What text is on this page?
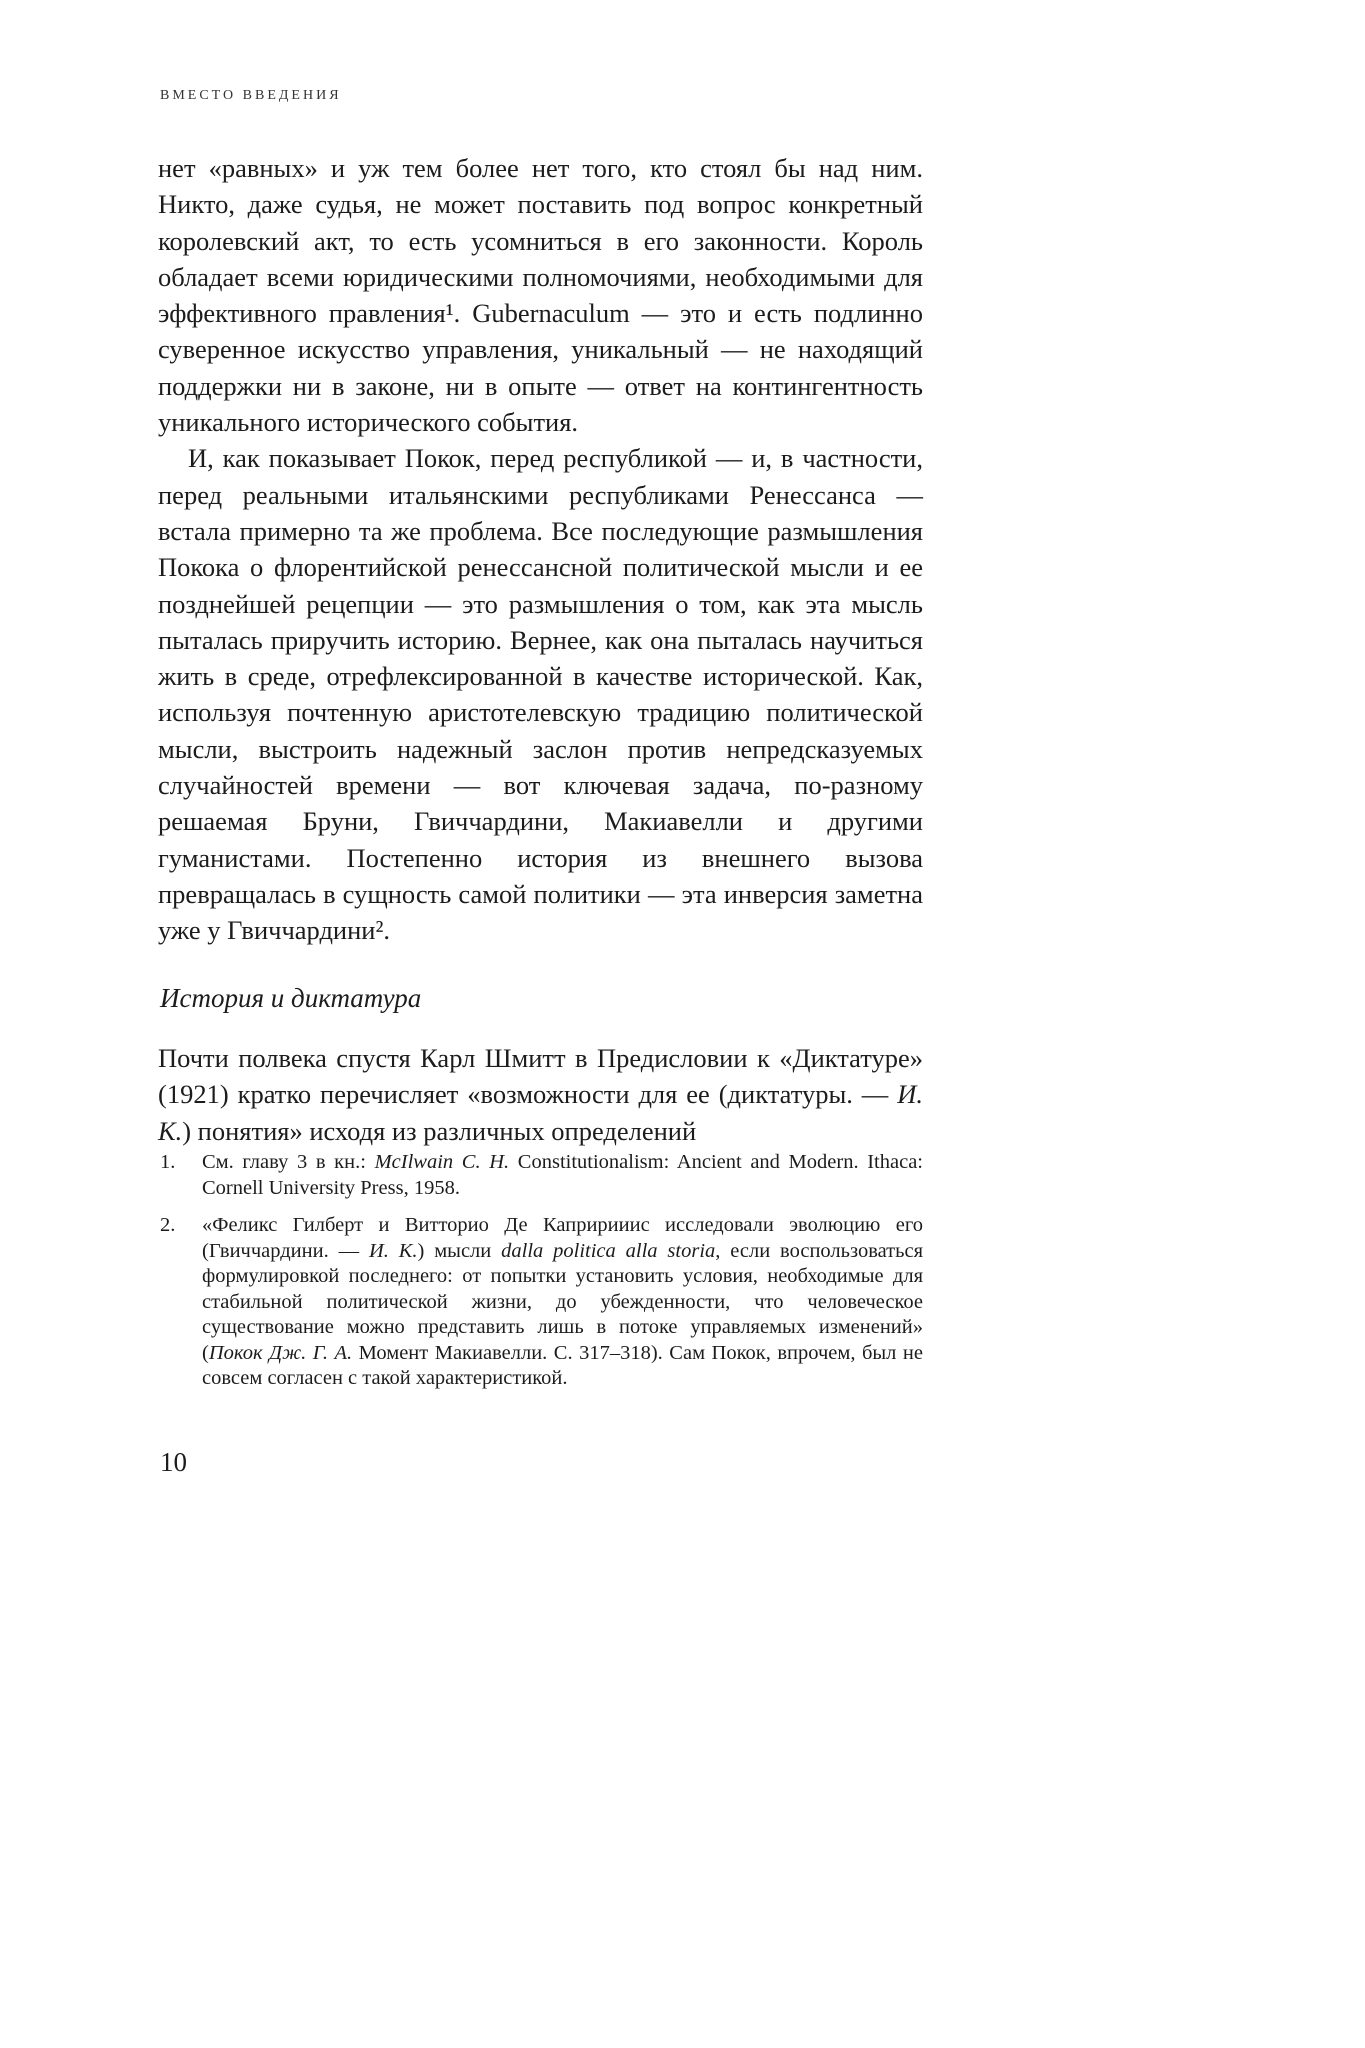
ВМЕСТО ВВЕДЕНИЯ

нет «равных» и уж тем более нет того, кто стоял бы над ним. Никто, даже судья, не может поставить под вопрос конкретный королевский акт, то есть усомниться в его законности. Король обладает всеми юридическими полномочиями, необходимыми для эффективного правления¹. Gubernaculum — это и есть подлинно суверенное искусство управления, уникальный — не находящий поддержки ни в законе, ни в опыте — ответ на контингентность уникального исторического события.

И, как показывает Покок, перед республикой — и, в частности, перед реальными итальянскими республиками Ренессанса — встала примерно та же проблема. Все последующие размышления Покока о флорентийской ренессансной политической мысли и ее позднейшей рецепции — это размышления о том, как эта мысль пыталась приручить историю. Вернее, как она пыталась научиться жить в среде, отрефлексированной в качестве исторической. Как, используя почтенную аристотелевскую традицию политической мысли, выстроить надежный заслон против непредсказуемых случайностей времени — вот ключевая задача, по-разному решаемая Бруни, Гвиччардини, Макиавелли и другими гуманистами. Постепенно история из внешнего вызова превращалась в сущность самой политики — эта инверсия заметна уже у Гвиччардини².

История и диктатура

Почти полвека спустя Карл Шмитт в Предисловии к «Диктатуре» (1921) кратко перечисляет «возможности для ее (диктатуры. — И. К.) понятия» исходя из различных определений

1.	См. главу 3 в кн.: McIlwain C. H. Constitutionalism: Ancient and Modern. Ithaca: Cornell University Press, 1958.
2.	«Феликс Гилберт и Витторио Де Капририиис исследовали эволюцию его (Гвиччардини. — И. К.) мысли dalla politica alla storia, если воспользоваться формулировкой последнего: от попытки установить условия, необходимые для стабильной политической жизни, до убежденности, что человеческое существование можно представить лишь в потоке управляемых изменений» (Покок Дж. Г. А. Момент Макиавелли. С. 317–318). Сам Покок, впрочем, был не совсем согласен с такой характеристикой.
10
